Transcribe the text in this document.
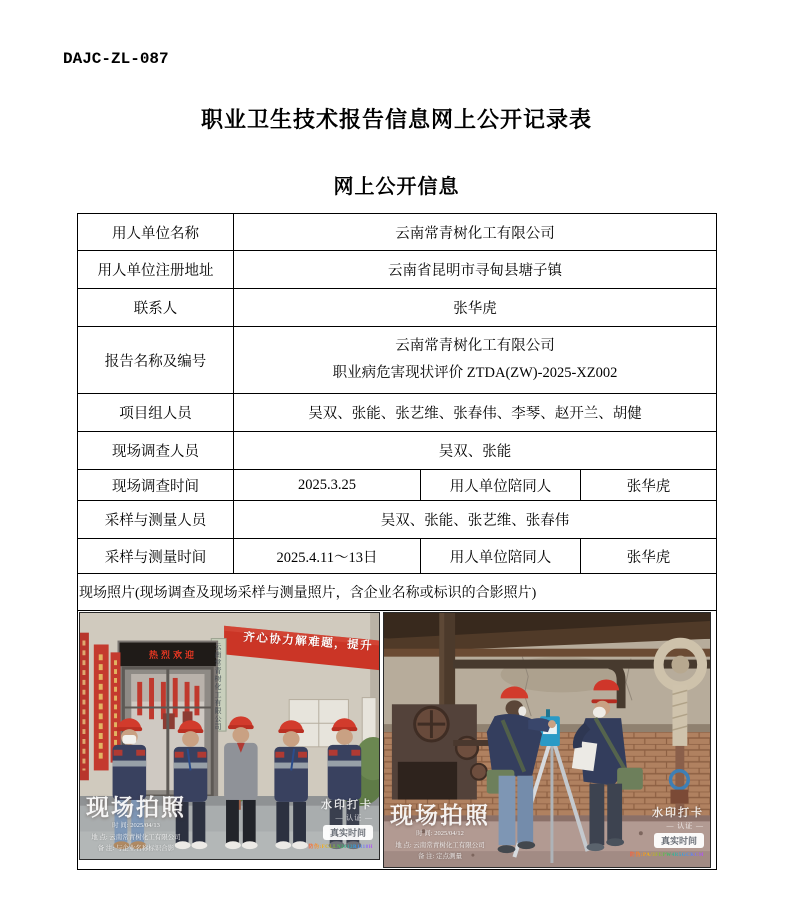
DAJC-ZL-087
职业卫生技术报告信息网上公开记录表
网上公开信息
用人单位名称	云南常青树化工有限公司		
用人单位注册地址	云南省昆明市寻甸县塘子镇		
联系人	张华虎		
报告名称及编号	云南常青树化工有限公司
职业病危害现状评价 ZTDA(ZW)-2025-XZ002		

项目组人员	吴双、张能、张艺维、张春伟、李琴、赵开兰、胡健		
现场调查人员	吴双、张能		
现场调查时间	2025.3.25	用人单位陪同人	张华虎
采样与测量人员	吴双、张能、张艺维、张春伟		
采样与测量时间	2025.4.11～13日	用人单位陪同人	张华虎
现场照片(现场调查及现场采样与测量照片，含企业名称或标识的合影照片)			

齐心协力解难题，提升
云南常青树化工有限公司
热烈欢迎
现场拍照
时 间: 2025/04/13
地 点: 云南常青树化工有限公司
备 注: 与企业名称标识合影
水印打卡
— 认证 —
真实时间
防伪:FCLLN2012R1118H
现场拍照
时 间: 2025/04/12
地 点: 云南常青树化工有限公司
备 注: 定点测量
水印打卡
— 认证 —
真实时间
防伪:PA/3FEPW4R5GCKCM
